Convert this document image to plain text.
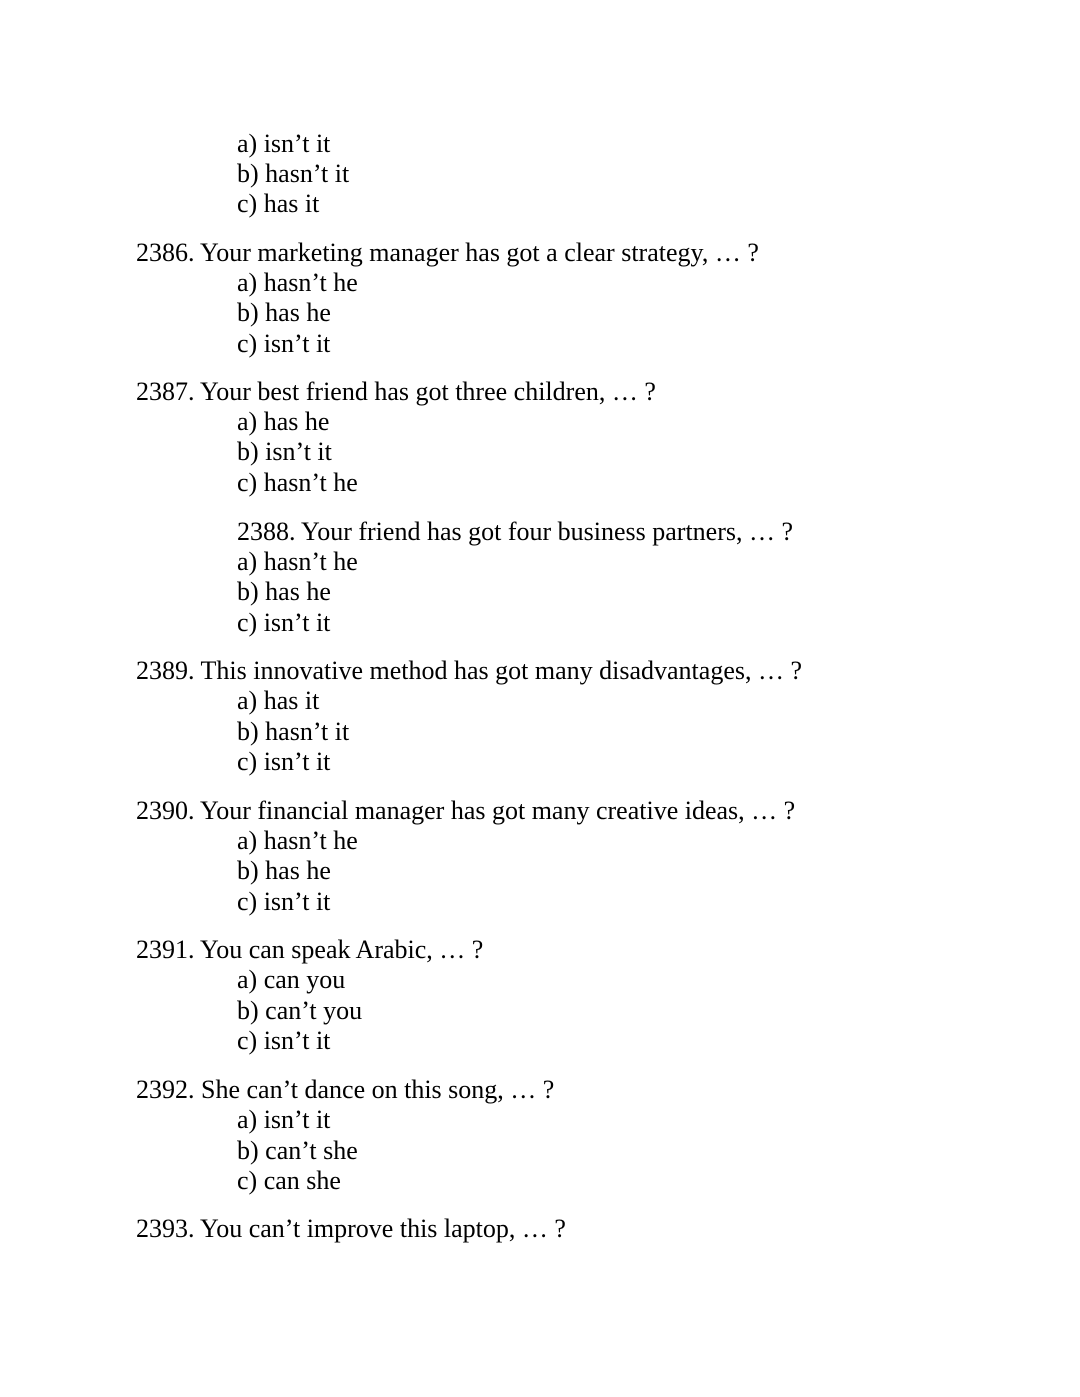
a) isn’t it
b) hasn’t it
c) has it
2386. Your marketing manager has got a clear strategy, … ?
a) hasn’t he
b) has he
c) isn’t it
2387. Your best friend has got three children, … ?
a) has he
b) isn’t it
c) hasn’t he
2388. Your friend has got four business partners, … ?
a) hasn’t he
b) has he
c) isn’t it
2389. This innovative method has got many disadvantages, … ?
a) has it
b) hasn’t it
c) isn’t it
2390. Your financial manager has got many creative ideas, … ?
a) hasn’t he
b) has he
c) isn’t it
2391. You can speak Arabic, … ?
a) can you
b) can’t you
c) isn’t it
2392. She can’t dance on this song, … ?
a) isn’t it
b) can’t she
c) can she
2393. You can’t improve this laptop, … ?
